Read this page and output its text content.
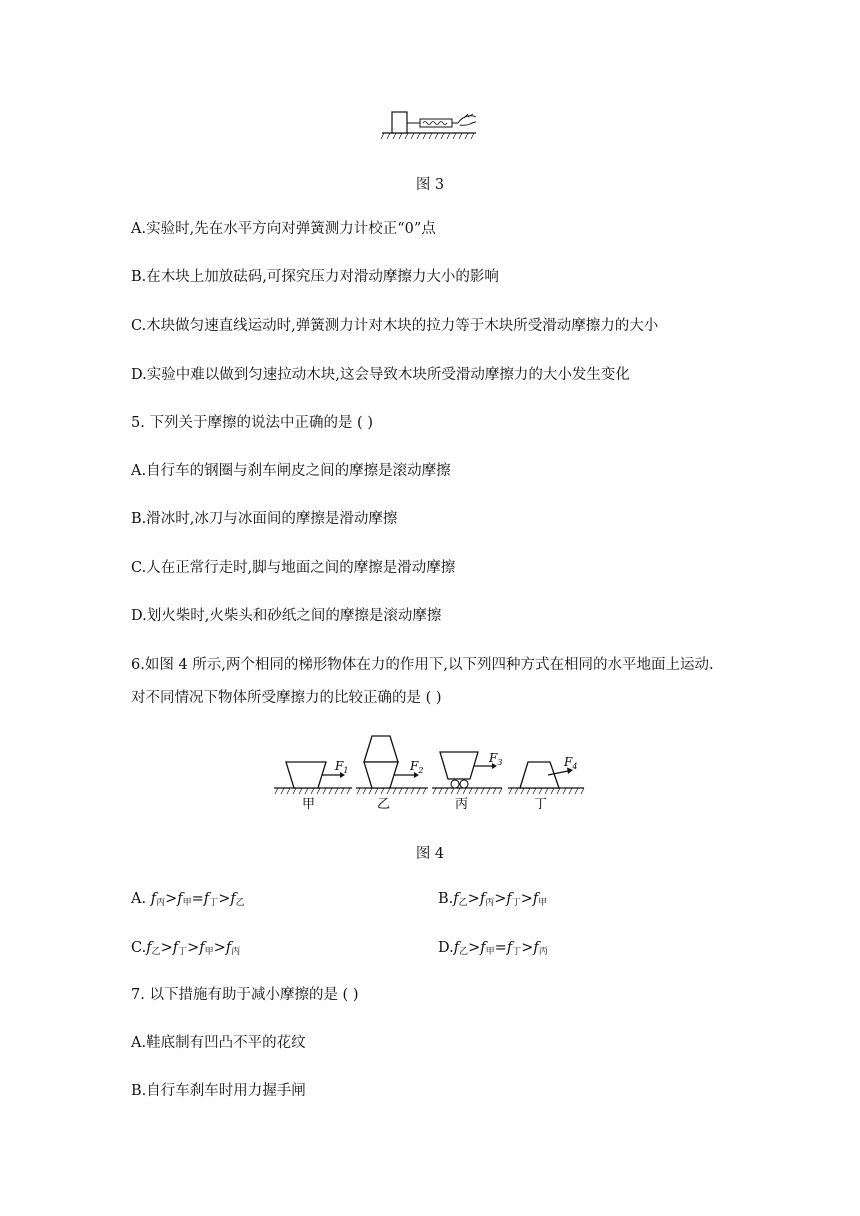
图 3
A.实验时,先在水平方向对弹簧测力计校正“0”点
B.在木块上加放砝码,可探究压力对滑动摩擦力大小的影响
C.木块做匀速直线运动时,弹簧测力计对木块的拉力等于木块所受滑动摩擦力的大小
D.实验中难以做到匀速拉动木块,这会导致木块所受滑动摩擦力的大小发生变化
5. 下列关于摩擦的说法中正确的是 ( )
A.自行车的钢圈与刹车闸皮之间的摩擦是滚动摩擦
B.滑冰时,冰刀与冰面间的摩擦是滑动摩擦
C.人在正常行走时,脚与地面之间的摩擦是滑动摩擦
D.划火柴时,火柴头和砂纸之间的摩擦是滚动摩擦
6.如图 4 所示,两个相同的梯形物体在力的作用下,以下列四种方式在相同的水平地面上运动.
对不同情况下物体所受摩擦力的比较正确的是 ( )
$F_1$
甲
$F_2$
乙
$F_3$
丙
$F_4$
丁
图 4
A. $f_丙>f_甲=f_丁>f_乙$	$B.f_乙>f_丙>f_丁>f_甲$
$C.f_乙>f_丁>f_甲>f_丙$	$D.f_乙>f_甲=f_丁>f_丙$
7. 以下措施有助于减小摩擦的是 ( )
A.鞋底制有凹凸不平的花纹
B.自行车刹车时用力握手闸
